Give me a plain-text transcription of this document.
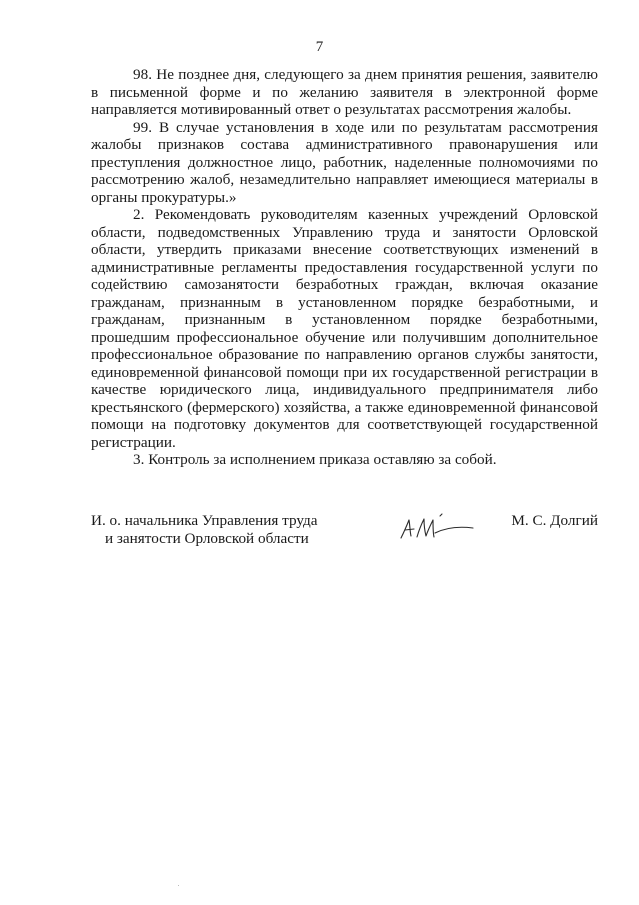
7

98. Не позднее дня, следующего за днем принятия решения, заявителю в письменной форме и по желанию заявителя в электронной форме направляется мотивированный ответ о результатах рассмотрения жалобы.

99. В случае установления в ходе или по результатам рассмотрения жалобы признаков состава административного правонарушения или преступления должностное лицо, работник, наделенные полномочиями по рассмотрению жалоб, незамедлительно направляет имеющиеся материалы в органы прокуратуры.»

2. Рекомендовать руководителям казенных учреждений Орловской области, подведомственных Управлению труда и занятости Орловской области, утвердить приказами внесение соответствующих изменений в административные регламенты предоставления государственной услуги по содействию самозанятости безработных граждан, включая оказание гражданам, признанным в установленном порядке безработными, и гражданам, признанным в установленном порядке безработными, прошедшим профессиональное обучение или получившим дополнительное профессиональное образование по направлению органов службы занятости, единовременной финансовой помощи при их государственной регистрации в качестве юридического лица, индивидуального предпринимателя либо крестьянского (фермерского) хозяйства, а также единовременной финансовой помощи на подготовку документов для соответствующей государственной регистрации.

3. Контроль за исполнением приказа оставляю за собой.

И. о. начальника Управления труда
и занятости Орловской области
М. С. Долгий
